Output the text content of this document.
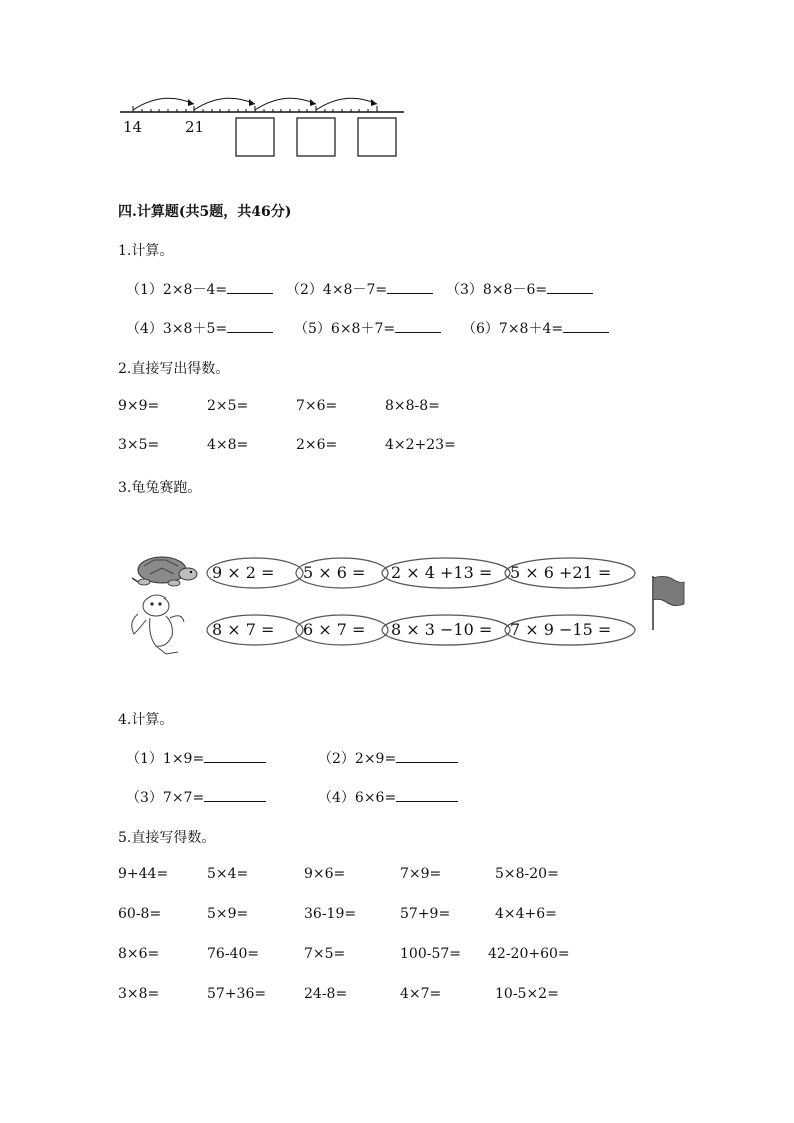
14	21
四.计算题(共5题，共46分)
1.计算。
（1）2×8－4=	（2）4×8－7=	（3）8×8－6=
（4）3×8＋5=	（5）6×8＋7=	（6）7×8＋4=
2.直接写出得数。
9×9=	2×5=	7×6=	8×8-8=
3×5=	4×8=	2×6=	4×2+23=
3.龟兔赛跑。
9 × 2 = 5 × 6 = 2 × 4 +13 = 5 × 6 +21 =
8 × 7 = 6 × 7 = 8 × 3 −10 = 7 × 9 −15 =
4.计算。
（1）1×9=	（2）2×9=
（3）7×7=	（4）6×6=
5.直接写得数。
9+44=	5×4=	9×6=	7×9=	5×8-20=
60-8=	5×9=	36-19=	57+9=	4×4+6=
8×6=	76-40=	7×5=	100-57= 42-20+60=
3×8=	57+36=	24-8=	4×7=	10-5×2=
